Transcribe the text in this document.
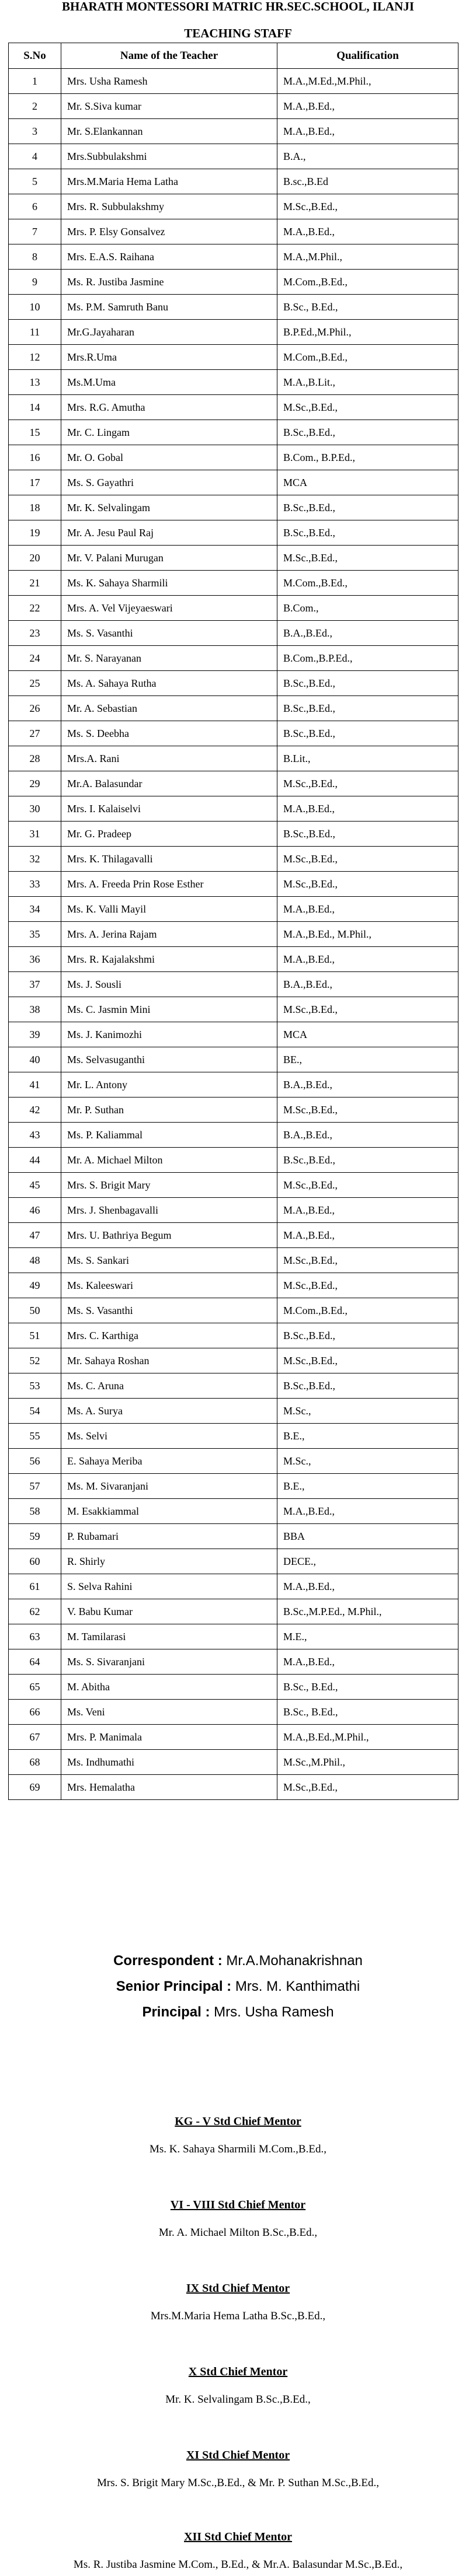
BHARATH MONTESSORI MATRIC HR.SEC.SCHOOL, ILANJI
TEACHING STAFF
S.No	Name of the Teacher	Qualification
1	Mrs. Usha Ramesh	M.A.,M.Ed.,M.Phil.,
2	Mr. S.Siva kumar	M.A.,B.Ed.,
3	Mr. S.Elankannan	M.A.,B.Ed.,
4	Mrs.Subbulakshmi	B.A.,
5	Mrs.M.Maria Hema Latha	B.sc.,B.Ed
6	Mrs. R. Subbulakshmy	M.Sc.,B.Ed.,
7	Mrs. P. Elsy Gonsalvez	M.A.,B.Ed.,
8	Mrs. E.A.S. Raihana	M.A.,M.Phil.,
9	Ms. R. Justiba Jasmine	M.Com.,B.Ed.,
10	Ms. P.M. Samruth Banu	B.Sc., B.Ed.,
11	Mr.G.Jayaharan	B.P.Ed.,M.Phil.,
12	Mrs.R.Uma	M.Com.,B.Ed.,
13	Ms.M.Uma	M.A.,B.Lit.,
14	Mrs. R.G. Amutha	M.Sc.,B.Ed.,
15	Mr. C. Lingam	B.Sc.,B.Ed.,
16	Mr. O. Gobal	B.Com., B.P.Ed.,
17	Ms. S. Gayathri	MCA
18	Mr. K. Selvalingam	B.Sc.,B.Ed.,
19	Mr. A. Jesu Paul Raj	B.Sc.,B.Ed.,
20	Mr. V. Palani Murugan	M.Sc.,B.Ed.,
21	Ms. K. Sahaya Sharmili	M.Com.,B.Ed.,
22	Mrs. A. Vel Vijeyaeswari	B.Com.,
23	Ms. S. Vasanthi	B.A.,B.Ed.,
24	Mr. S. Narayanan	B.Com.,B.P.Ed.,
25	Ms. A. Sahaya Rutha	B.Sc.,B.Ed.,
26	Mr. A. Sebastian	B.Sc.,B.Ed.,
27	Ms. S. Deebha	B.Sc.,B.Ed.,
28	Mrs.A. Rani	B.Lit.,
29	Mr.A. Balasundar	M.Sc.,B.Ed.,
30	Mrs. I. Kalaiselvi	M.A.,B.Ed.,
31	Mr. G. Pradeep	B.Sc.,B.Ed.,
32	Mrs. K. Thilagavalli	M.Sc.,B.Ed.,
33	Mrs. A. Freeda Prin Rose Esther	M.Sc.,B.Ed.,
34	Ms. K. Valli Mayil	M.A.,B.Ed.,
35	Mrs. A. Jerina Rajam	M.A.,B.Ed., M.Phil.,
36	Mrs. R. Kajalakshmi	M.A.,B.Ed.,
37	Ms. J. Sousli	B.A.,B.Ed.,
38	Ms. C. Jasmin Mini	M.Sc.,B.Ed.,
39	Ms. J. Kanimozhi	MCA
40	Ms. Selvasuganthi	BE.,
41	Mr. L. Antony	B.A.,B.Ed.,
42	Mr. P. Suthan	M.Sc.,B.Ed.,
43	Ms. P. Kaliammal	B.A.,B.Ed.,
44	Mr. A. Michael Milton	B.Sc.,B.Ed.,
45	Mrs. S. Brigit Mary	M.Sc.,B.Ed.,
46	Mrs. J. Shenbagavalli	M.A.,B.Ed.,
47	Mrs. U. Bathriya Begum	M.A.,B.Ed.,
48	Ms. S. Sankari	M.Sc.,B.Ed.,
49	Ms. Kaleeswari	M.Sc.,B.Ed.,
50	Ms. S. Vasanthi	M.Com.,B.Ed.,
51	Mrs. C. Karthiga	B.Sc.,B.Ed.,
52	Mr. Sahaya Roshan	M.Sc.,B.Ed.,
53	Ms. C. Aruna	B.Sc.,B.Ed.,
54	Ms. A. Surya	M.Sc.,
55	Ms. Selvi	B.E.,
56	E. Sahaya Meriba	M.Sc.,
57	Ms. M. Sivaranjani	B.E.,
58	M. Esakkiammal	M.A.,B.Ed.,
59	P. Rubamari	BBA
60	R. Shirly	DECE.,
61	S. Selva Rahini	M.A.,B.Ed.,
62	V. Babu Kumar	B.Sc.,M.P.Ed., M.Phil.,
63	M. Tamilarasi	M.E.,
64	Ms. S. Sivaranjani	M.A.,B.Ed.,
65	M. Abitha	B.Sc., B.Ed.,
66	Ms. Veni	B.Sc., B.Ed.,
67	Mrs. P. Manimala	M.A.,B.Ed.,M.Phil.,
68	Ms. Indhumathi	M.Sc.,M.Phil.,
69	Mrs. Hemalatha	M.Sc.,B.Ed.,
Correspondent : Mr.A.Mohanakrishnan
Senior Principal : Mrs. M. Kanthimathi
Principal : Mrs. Usha Ramesh
KG - V Std Chief Mentor
Ms. K. Sahaya Sharmili M.Com.,B.Ed.,
VI - VIII Std Chief Mentor
Mr. A. Michael Milton B.Sc.,B.Ed.,
IX Std Chief Mentor
Mrs.M.Maria Hema Latha B.Sc.,B.Ed.,
X Std Chief Mentor
Mr. K. Selvalingam B.Sc.,B.Ed.,
XI Std Chief Mentor
Mrs. S. Brigit Mary M.Sc.,B.Ed., & Mr. P. Suthan M.Sc.,B.Ed.,
XII Std Chief Mentor
Ms. R. Justiba Jasmine M.Com., B.Ed., & Mr.A. Balasundar M.Sc.,B.Ed.,
